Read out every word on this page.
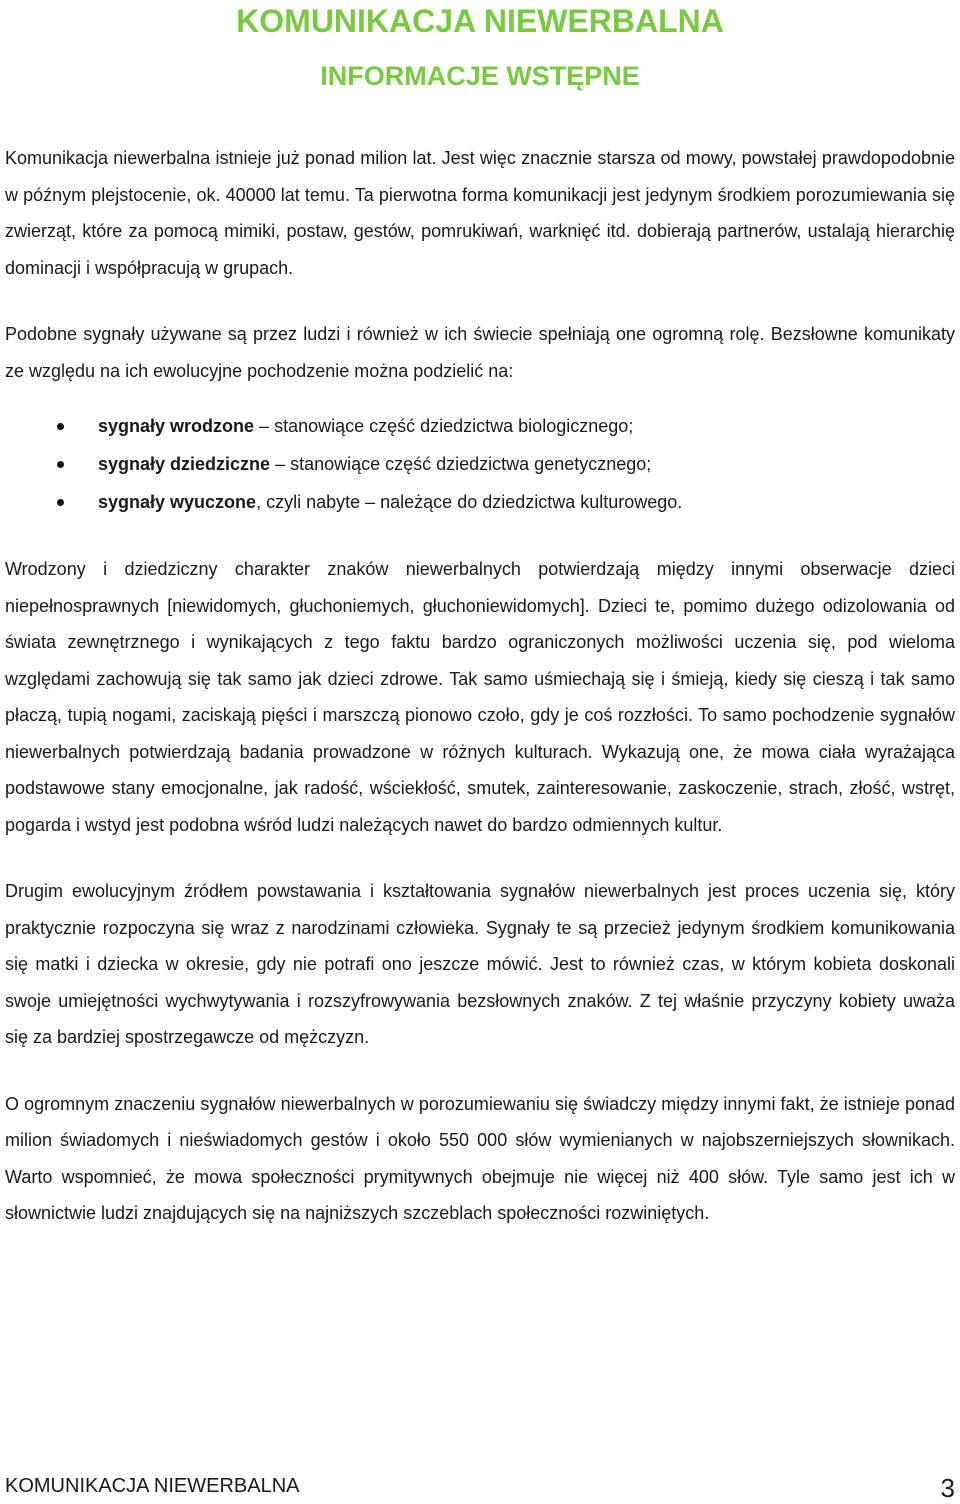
KOMUNIKACJA NIEWERBALNA
INFORMACJE WSTĘPNE

Komunikacja niewerbalna istnieje już ponad milion lat. Jest więc znacznie starsza od mowy, powstałej prawdopodobnie w późnym plejstocenie, ok. 40000 lat temu. Ta pierwotna forma komunikacji jest jedynym środkiem porozumiewania się zwierząt, które za pomocą mimiki, postaw, gestów, pomrukiwań, warknięć itd. dobierają partnerów, ustalają hierarchię dominacji i współpracują w grupach.

Podobne sygnały używane są przez ludzi i również w ich świecie spełniają one ogromną rolę. Bezsłowne komunikaty ze względu na ich ewolucyjne pochodzenie można podzielić na:

sygnały wrodzone – stanowiące część dziedzictwa biologicznego;
sygnały dziedziczne – stanowiące część dziedzictwa genetycznego;
sygnały wyuczone, czyli nabyte – należące do dziedzictwa kulturowego.

Wrodzony i dziedziczny charakter znaków niewerbalnych potwierdzają między innymi obserwacje dzieci niepełnosprawnych [niewidomych, głuchoniemych, głuchoniewidomych]. Dzieci te, pomimo dużego odizolowania od świata zewnętrznego i wynikających z tego faktu bardzo ograniczonych możliwości uczenia się, pod wieloma względami zachowują się tak samo jak dzieci zdrowe. Tak samo uśmiechają się i śmieją, kiedy się cieszą i tak samo płaczą, tupią nogami, zaciskają pięści i marszczą pionowo czoło, gdy je coś rozzłości. To samo pochodzenie sygnałów niewerbalnych potwierdzają badania prowadzone w różnych kulturach. Wykazują one, że mowa ciała wyrażająca podstawowe stany emocjonalne, jak radość, wściekłość, smutek, zainteresowanie, zaskoczenie, strach, złość, wstręt, pogarda i wstyd jest podobna wśród ludzi należących nawet do bardzo odmiennych kultur.

Drugim ewolucyjnym źródłem powstawania i kształtowania sygnałów niewerbalnych jest proces uczenia się, który praktycznie rozpoczyna się wraz z narodzinami człowieka. Sygnały te są przecież jedynym środkiem komunikowania się matki i dziecka w okresie, gdy nie potrafi ono jeszcze mówić. Jest to również czas, w którym kobieta doskonali swoje umiejętności wychwytywania i rozszyfrowywania bezsłownych znaków. Z tej właśnie przyczyny kobiety uważa się za bardziej spostrzegawcze od mężczyzn.

O ogromnym znaczeniu sygnałów niewerbalnych w porozumiewaniu się świadczy między innymi fakt, że istnieje ponad milion świadomych i nieświadomych gestów i około 550 000 słów wymienianych w najobszerniejszych słownikach. Warto wspomnieć, że mowa społeczności prymitywnych obejmuje nie więcej niż 400 słów. Tyle samo jest ich w słownictwie ludzi znajdujących się na najniższych szczeblach społeczności rozwiniętych.

KOMUNIKACJA NIEWERBALNA	3
